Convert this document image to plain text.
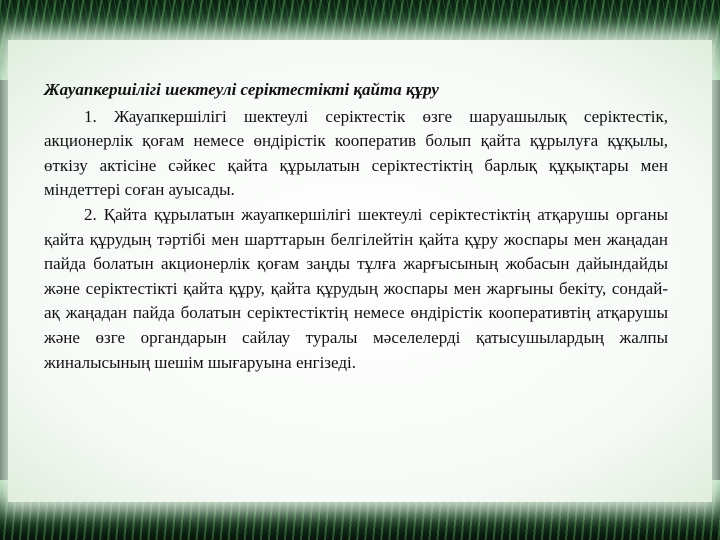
Жауапкершілігі шектеулі серіктестікті қайта құру

1. Жауапкершілігі шектеулі серіктестік өзге шаруашылық серіктестік, акционерлік қоғам немесе өндірістік кооператив болып қайта құрылуға құқылы, өткізу актісіне сәйкес қайта құрылатын серіктестіктің барлық құқықтары мен міндеттері соған ауысады.

2. Қайта құрылатын жауапкершілігі шектеулі серіктестіктің атқарушы органы қайта құрудың тәртібі мен шарттарын белгілейтін қайта құру жоспары мен жаңадан пайда болатын акционерлік қоғам заңды тұлға жарғысының жобасын дайындайды және серіктестікті қайта құру, қайта құрудың жоспары мен жарғыны бекіту, сондай-ақ жаңадан пайда болатын серіктестіктің немесе өндірістік кооперативтің атқарушы және өзге органдарын сайлау туралы мәселелерді қатысушылардың жалпы жиналысының шешім шығаруына енгізеді.
